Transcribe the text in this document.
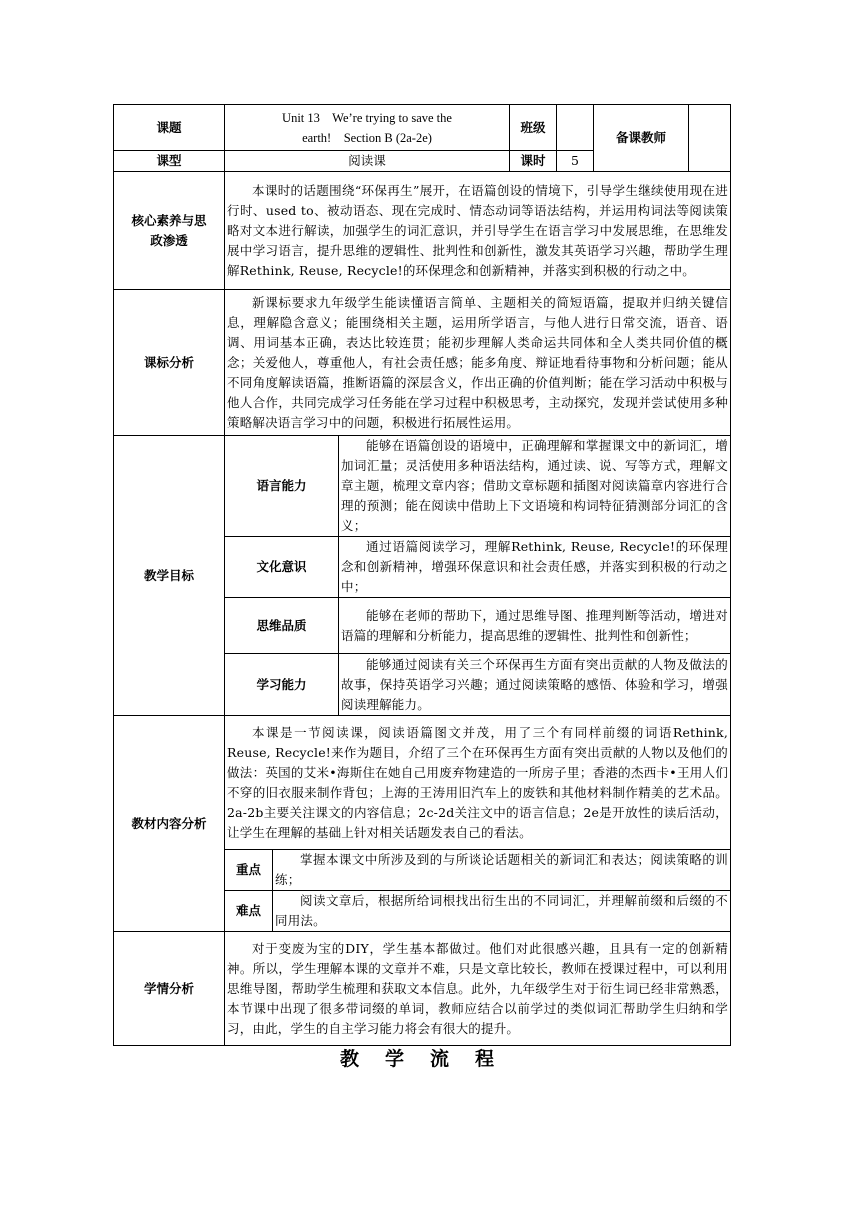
课题	Unit 13    We’re trying to save the
earth! Section B (2a-2e)			班级		备课教师	
课型	阅读课			课时	5		
核心素养与思政渗透	本课时的话题围绕“环保再生”展开，在语篇创设的情境下，引导学生继续使用现在进行时、used to、被动语态、现在完成时、情态动词等语法结构，并运用构词法等阅读策略对文本进行解读，加强学生的词汇意识，并引导学生在语言学习中发展思维，在思维发展中学习语言，提升思维的逻辑性、批判性和创新性，激发其英语学习兴趣，帮助学生理解Rethink, Reuse, Recycle!的环保理念和创新精神，并落实到积极的行动之中。						
课标分析	新课标要求九年级学生能读懂语言简单、主题相关的简短语篇，提取并归纳关键信息，理解隐含意义；能围绕相关主题，运用所学语言，与他人进行日常交流，语音、语调、用词基本正确，表达比较连贯；能初步理解人类命运共同体和全人类共同价值的概念；关爱他人，尊重他人，有社会责任感；能多角度、辩证地看待事物和分析问题；能从不同角度解读语篇，推断语篇的深层含义，作出正确的价值判断；能在学习活动中积极与他人合作，共同完成学习任务能在学习过程中积极思考，主动探究，发现并尝试使用多种策略解决语言学习中的问题，积极进行拓展性运用。						
教学目标	语言能力		能够在语篇创设的语境中，正确理解和掌握课文中的新词汇，增加词汇量；灵活使用多种语法结构，通过读、说、写等方式，理解文章主题，梳理文章内容；借助文章标题和插图对阅读篇章内容进行合理的预测；能在阅读中借助上下文语境和构词特征猜测部分词汇的含义；				
	文化意识		通过语篇阅读学习，理解Rethink, Reuse, Recycle!的环保理念和创新精神，增强环保意识和社会责任感，并落实到积极的行动之中；				
	思维品质		能够在老师的帮助下，通过思维导图、推理判断等活动，增进对语篇的理解和分析能力，提高思维的逻辑性、批判性和创新性；				
	学习能力		能够通过阅读有关三个环保再生方面有突出贡献的人物及做法的故事，保持英语学习兴趣；通过阅读策略的感悟、体验和学习，增强阅读理解能力。				
教材内容分析	本课是一节阅读课，阅读语篇图文并茂，用了三个有同样前缀的词语Rethink, Reuse, Recycle!来作为题目，介绍了三个在环保再生方面有突出贡献的人物以及他们的做法：英国的艾米•海斯住在她自己用废弃物建造的一所房子里；香港的杰西卡•王用人们不穿的旧衣服来制作背包；上海的王涛用旧汽车上的废铁和其他材料制作精美的艺术品。2a-2b主要关注课文的内容信息；2c-2d关注文中的语言信息；2e是开放性的读后活动，让学生在理解的基础上针对相关话题发表自己的看法。						
	重点	掌握本课文中所涉及到的与所谈论话题相关的新词汇和表达；阅读策略的训练；					
	难点	阅读文章后，根据所给词根找出衍生出的不同词汇，并理解前缀和后缀的不同用法。					
学情分析	对于变废为宝的DIY，学生基本都做过。他们对此很感兴趣，且具有一定的创新精神。所以，学生理解本课的文章并不难，只是文章比较长，教师在授课过程中，可以利用思维导图，帮助学生梳理和获取文本信息。此外，九年级学生对于衍生词已经非常熟悉，本节课中出现了很多带词缀的单词，教师应结合以前学过的类似词汇帮助学生归纳和学习，由此，学生的自主学习能力将会有很大的提升。						
教学流程
